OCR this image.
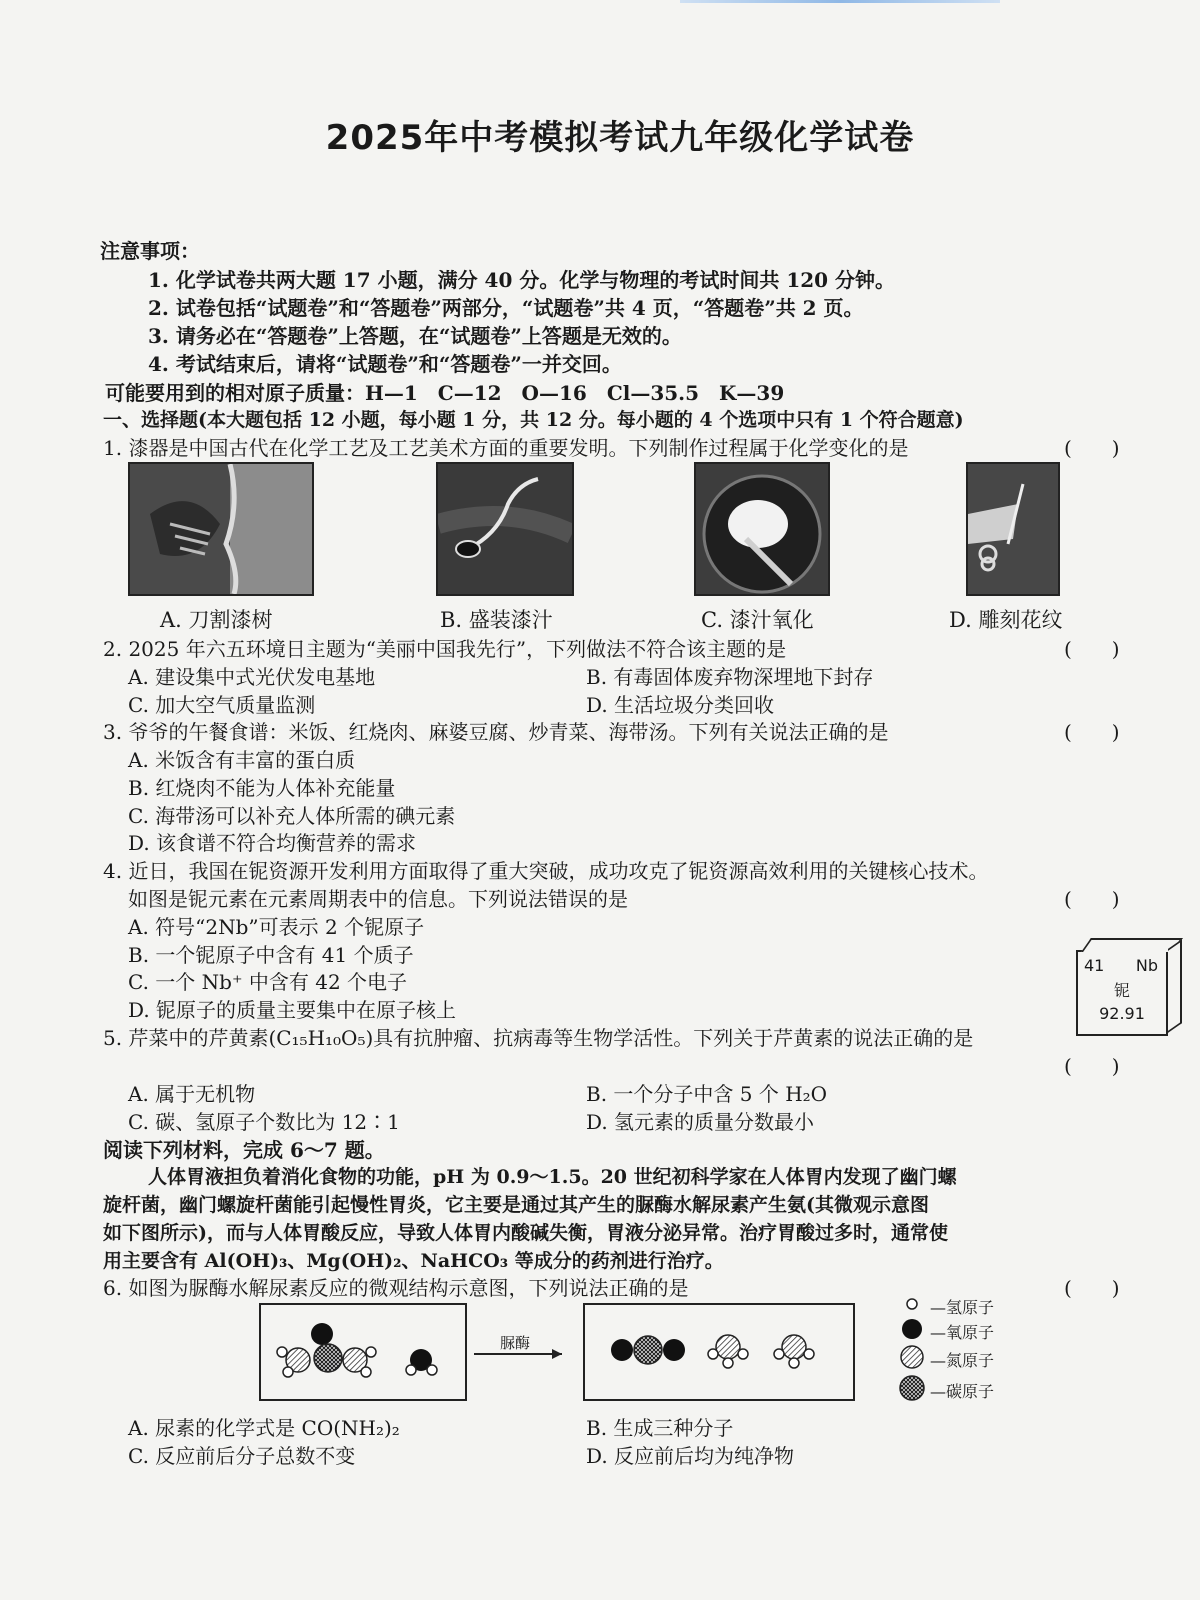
2025年中考模拟考试九年级化学试卷
注意事项：
1. 化学试卷共两大题 17 小题，满分 40 分。化学与物理的考试时间共 120 分钟。
2. 试卷包括“试题卷”和“答题卷”两部分，“试题卷”共 4 页，“答题卷”共 2 页。
3. 请务必在“答题卷”上答题，在“试题卷”上答题是无效的。
4. 考试结束后，请将“试题卷”和“答题卷”一并交回。
可能要用到的相对原子质量：H—1　C—12　O—16　Cl—35.5　K—39
一、选择题(本大题包括 12 小题，每小题 1 分，共 12 分。每小题的 4 个选项中只有 1 个符合题意)
1. 漆器是中国古代在化学工艺及工艺美术方面的重要发明。下列制作过程属于化学变化的是	(　　)
A. 刀割漆树	B. 盛装漆汁	C. 漆汁氧化	D. 雕刻花纹
2. 2025 年六五环境日主题为“美丽中国我先行”，下列做法不符合该主题的是	(　　)
A. 建设集中式光伏发电基地	B. 有毒固体废弃物深埋地下封存
C. 加大空气质量监测	D. 生活垃圾分类回收
3. 爷爷的午餐食谱：米饭、红烧肉、麻婆豆腐、炒青菜、海带汤。下列有关说法正确的是	(　　)
A. 米饭含有丰富的蛋白质
B. 红烧肉不能为人体补充能量
C. 海带汤可以补充人体所需的碘元素
D. 该食谱不符合均衡营养的需求
4. 近日，我国在铌资源开发利用方面取得了重大突破，成功攻克了铌资源高效利用的关键核心技术。
如图是铌元素在元素周期表中的信息。下列说法错误的是	(　　)
A. 符号“2Nb”可表示 2 个铌原子
B. 一个铌原子中含有 41 个质子
C. 一个 Nb⁺ 中含有 42 个电子
D. 铌原子的质量主要集中在原子核上
41 Nb
铌
92.91
5. 芹菜中的芹黄素(C₁₅H₁₀O₅)具有抗肿瘤、抗病毒等生物学活性。下列关于芹黄素的说法正确的是
(　　)
A. 属于无机物	B. 一个分子中含 5 个 H₂O
C. 碳、氢原子个数比为 12∶1	D. 氢元素的质量分数最小
阅读下列材料，完成 6～7 题。
人体胃液担负着消化食物的功能，pH 为 0.9～1.5。20 世纪初科学家在人体胃内发现了幽门螺
旋杆菌，幽门螺旋杆菌能引起慢性胃炎，它主要是通过其产生的脲酶水解尿素产生氨(其微观示意图
如下图所示)，而与人体胃酸反应，导致人体胃内酸碱失衡，胃液分泌异常。治疗胃酸过多时，通常使
用主要含有 Al(OH)₃、Mg(OH)₂、NaHCO₃ 等成分的药剂进行治疗。
6. 如图为脲酶水解尿素反应的微观结构示意图，下列说法正确的是	(　　)
脲酶
—氢原子
—氧原子
—氮原子
—碳原子
A. 尿素的化学式是 CO(NH₂)₂	B. 生成三种分子
C. 反应前后分子总数不变	D. 反应前后均为纯净物
